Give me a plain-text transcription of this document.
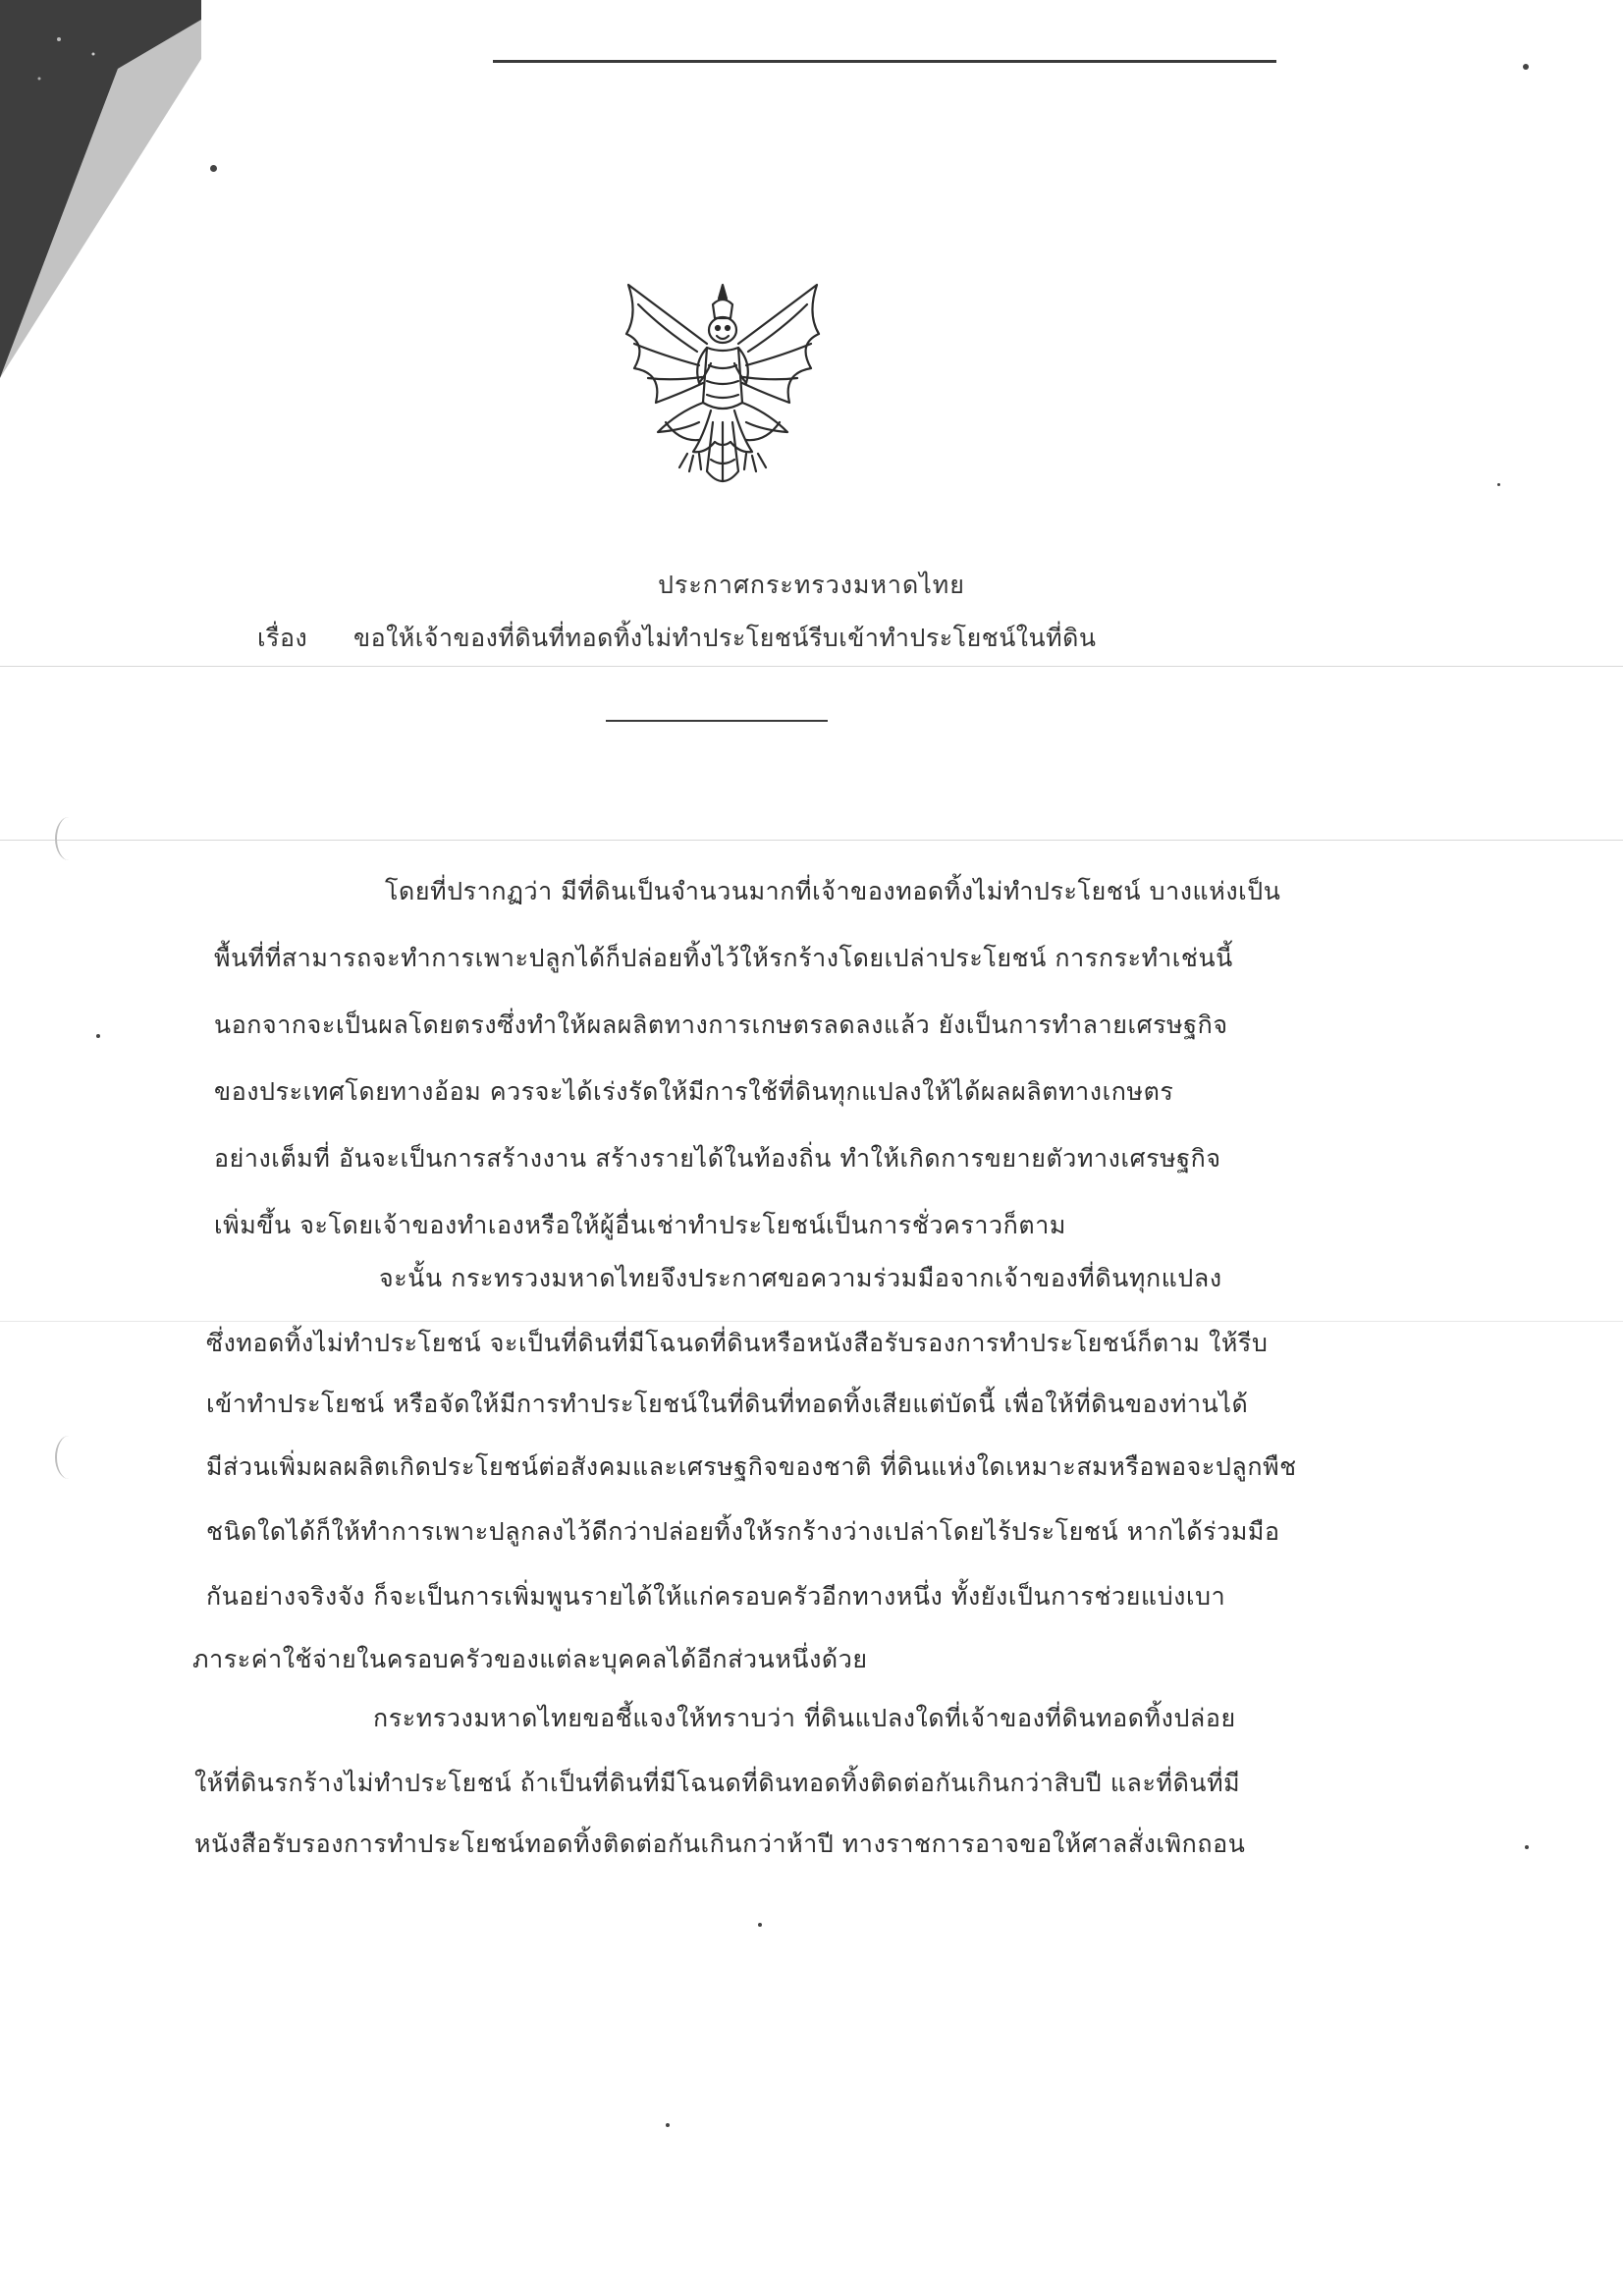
ประกาศกระทรวงมหาดไทย
เรื่อง ขอให้เจ้าของที่ดินที่ทอดทิ้งไม่ทำประโยชน์รีบเข้าทำประโยชน์ในที่ดิน
โดยที่ปรากฏว่า มีที่ดินเป็นจำนวนมากที่เจ้าของทอดทิ้งไม่ทำประโยชน์ บางแห่งเป็น
พื้นที่ที่สามารถจะทำการเพาะปลูกได้ก็ปล่อยทิ้งไว้ให้รกร้างโดยเปล่าประโยชน์ การกระทำเช่นนี้
นอกจากจะเป็นผลโดยตรงซึ่งทำให้ผลผลิตทางการเกษตรลดลงแล้ว ยังเป็นการทำลายเศรษฐกิจ
ของประเทศโดยทางอ้อม ควรจะได้เร่งรัดให้มีการใช้ที่ดินทุกแปลงให้ได้ผลผลิตทางเกษตร
อย่างเต็มที่ อันจะเป็นการสร้างงาน สร้างรายได้ในท้องถิ่น ทำให้เกิดการขยายตัวทางเศรษฐกิจ
เพิ่มขึ้น จะโดยเจ้าของทำเองหรือให้ผู้อื่นเช่าทำประโยชน์เป็นการชั่วคราวก็ตาม
จะนั้น กระทรวงมหาดไทยจึงประกาศขอความร่วมมือจากเจ้าของที่ดินทุกแปลง
ซึ่งทอดทิ้งไม่ทำประโยชน์ จะเป็นที่ดินที่มีโฉนดที่ดินหรือหนังสือรับรองการทำประโยชน์ก็ตาม ให้รีบ
เข้าทำประโยชน์ หรือจัดให้มีการทำประโยชน์ในที่ดินที่ทอดทิ้งเสียแต่บัดนี้ เพื่อให้ที่ดินของท่านได้
มีส่วนเพิ่มผลผลิตเกิดประโยชน์ต่อสังคมและเศรษฐกิจของชาติ ที่ดินแห่งใดเหมาะสมหรือพอจะปลูกพืช
ชนิดใดได้ก็ให้ทำการเพาะปลูกลงไว้ดีกว่าปล่อยทิ้งให้รกร้างว่างเปล่าโดยไร้ประโยชน์ หากได้ร่วมมือ
กันอย่างจริงจัง ก็จะเป็นการเพิ่มพูนรายได้ให้แก่ครอบครัวอีกทางหนึ่ง ทั้งยังเป็นการช่วยแบ่งเบา
ภาระค่าใช้จ่ายในครอบครัวของแต่ละบุคคลได้อีกส่วนหนึ่งด้วย
กระทรวงมหาดไทยขอชี้แจงให้ทราบว่า ที่ดินแปลงใดที่เจ้าของที่ดินทอดทิ้งปล่อย
ให้ที่ดินรกร้างไม่ทำประโยชน์ ถ้าเป็นที่ดินที่มีโฉนดที่ดินทอดทิ้งติดต่อกันเกินกว่าสิบปี และที่ดินที่มี
หนังสือรับรองการทำประโยชน์ทอดทิ้งติดต่อกันเกินกว่าห้าปี ทางราชการอาจขอให้ศาลสั่งเพิกถอน
